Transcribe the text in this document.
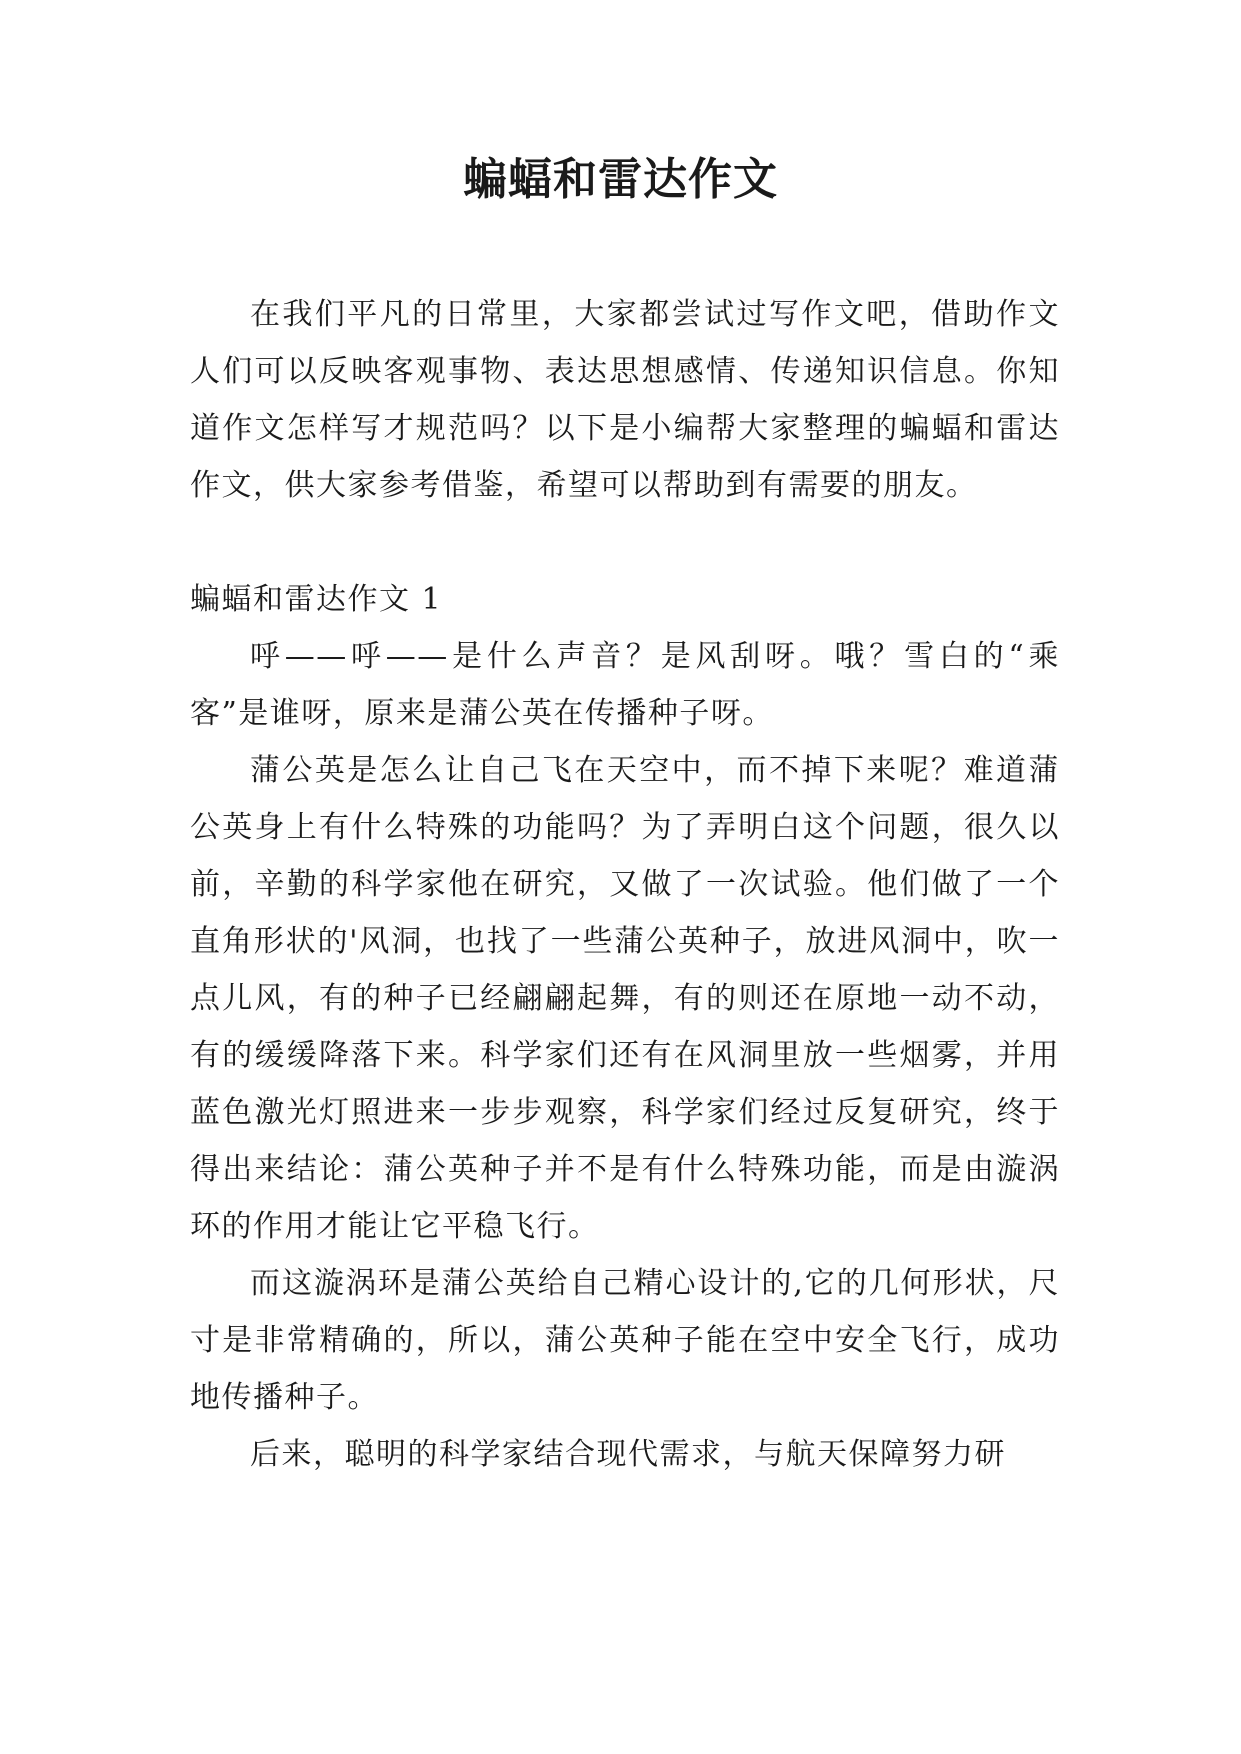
蝙蝠和雷达作文

在我们平凡的日常里，大家都尝试过写作文吧，借助作文人们可以反映客观事物、表达思想感情、传递知识信息。你知道作文怎样写才规范吗？以下是小编帮大家整理的蝙蝠和雷达作文，供大家参考借鉴，希望可以帮助到有需要的朋友。

蝙蝠和雷达作文 1

呼——呼——是什么声音？是风刮呀。哦？雪白的“乘客”是谁呀，原来是蒲公英在传播种子呀。

蒲公英是怎么让自己飞在天空中，而不掉下来呢？难道蒲公英身上有什么特殊的功能吗？为了弄明白这个问题，很久以前，辛勤的科学家他在研究，又做了一次试验。他们做了一个直角形状的'风洞，也找了一些蒲公英种子，放进风洞中，吹一点儿风，有的种子已经翩翩起舞，有的则还在原地一动不动，有的缓缓降落下来。科学家们还有在风洞里放一些烟雾，并用蓝色激光灯照进来一步步观察，科学家们经过反复研究，终于得出来结论：蒲公英种子并不是有什么特殊功能，而是由漩涡环的作用才能让它平稳飞行。

而这漩涡环是蒲公英给自己精心设计的,它的几何形状，尺寸是非常精确的，所以，蒲公英种子能在空中安全飞行，成功地传播种子。

后来，聪明的科学家结合现代需求，与航天保障努力研
